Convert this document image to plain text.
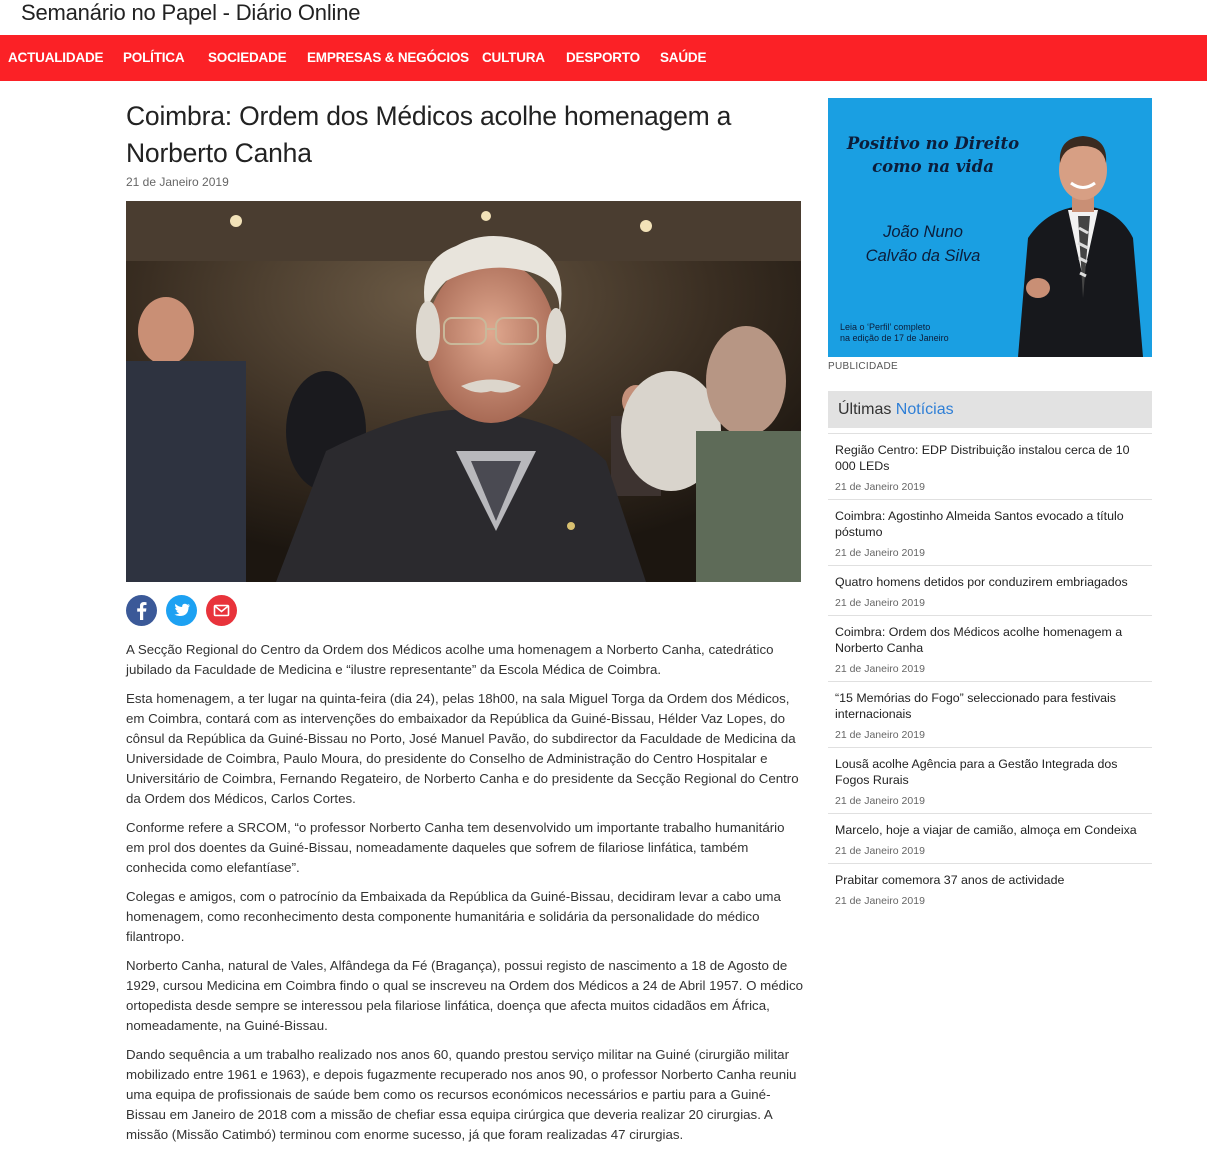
Semanário no Papel - Diário Online
ACTUALIDADE POLÍTICA SOCIEDADE EMPRESAS & NEGÓCIOS CULTURA DESPORTO SAÚDE
Coimbra: Ordem dos Médicos acolhe homenagem a Norberto Canha
21 de Janeiro 2019

A Secção Regional do Centro da Ordem dos Médicos acolhe uma homenagem a Norberto Canha, catedrático jubilado da Faculdade de Medicina e “ilustre representante” da Escola Médica de Coimbra.

Esta homenagem, a ter lugar na quinta-feira (dia 24), pelas 18h00, na sala Miguel Torga da Ordem dos Médicos, em Coimbra, contará com as intervenções do embaixador da República da Guiné-Bissau, Hélder Vaz Lopes, do cônsul da República da Guiné-Bissau no Porto, José Manuel Pavão, do subdirector da Faculdade de Medicina da Universidade de Coimbra, Paulo Moura, do presidente do Conselho de Administração do Centro Hospitalar e Universitário de Coimbra, Fernando Regateiro, de Norberto Canha e do presidente da Secção Regional do Centro da Ordem dos Médicos, Carlos Cortes.

Conforme refere a SRCOM, “o professor Norberto Canha tem desenvolvido um importante trabalho humanitário em prol dos doentes da Guiné-Bissau, nomeadamente daqueles que sofrem de filariose linfática, também conhecida como elefantíase”.

Colegas e amigos, com o patrocínio da Embaixada da República da Guiné-Bissau, decidiram levar a cabo uma homenagem, como reconhecimento desta componente humanitária e solidária da personalidade do médico filantropo.

Norberto Canha, natural de Vales, Alfândega da Fé (Bragança), possui registo de nascimento a 18 de Agosto de 1929, cursou Medicina em Coimbra findo o qual se inscreveu na Ordem dos Médicos a 24 de Abril 1957. O médico ortopedista desde sempre se interessou pela filariose linfática, doença que afecta muitos cidadãos em África, nomeadamente, na Guiné-Bissau.

Dando sequência a um trabalho realizado nos anos 60, quando prestou serviço militar na Guiné (cirurgião militar mobilizado entre 1961 e 1963), e depois fugazmente recuperado nos anos 90, o professor Norberto Canha reuniu uma equipa de profissionais de saúde bem como os recursos económicos necessários e partiu para a Guiné-Bissau em Janeiro de 2018 com a missão de chefiar essa equipa cirúrgica que deveria realizar 20 cirurgias. A missão (Missão Catimbó) terminou com enorme sucesso, já que foram realizadas 47 cirurgias.

Positivo no Direito
como na vida
João Nuno
Calvão da Silva
Leia o ‘Perfil’ completo
na edição de 17 de Janeiro
PUBLICIDADE
Últimas Notícias
Região Centro: EDP Distribuição instalou cerca de 10 000 LEDs
21 de Janeiro 2019
Coimbra: Agostinho Almeida Santos evocado a título póstumo
21 de Janeiro 2019
Quatro homens detidos por conduzirem embriagados
21 de Janeiro 2019
Coimbra: Ordem dos Médicos acolhe homenagem a Norberto Canha
21 de Janeiro 2019
“15 Memórias do Fogo” seleccionado para festivais internacionais
21 de Janeiro 2019
Lousã acolhe Agência para a Gestão Integrada dos Fogos Rurais
21 de Janeiro 2019
Marcelo, hoje a viajar de camião, almoça em Condeixa
21 de Janeiro 2019
Prabitar comemora 37 anos de actividade
21 de Janeiro 2019
